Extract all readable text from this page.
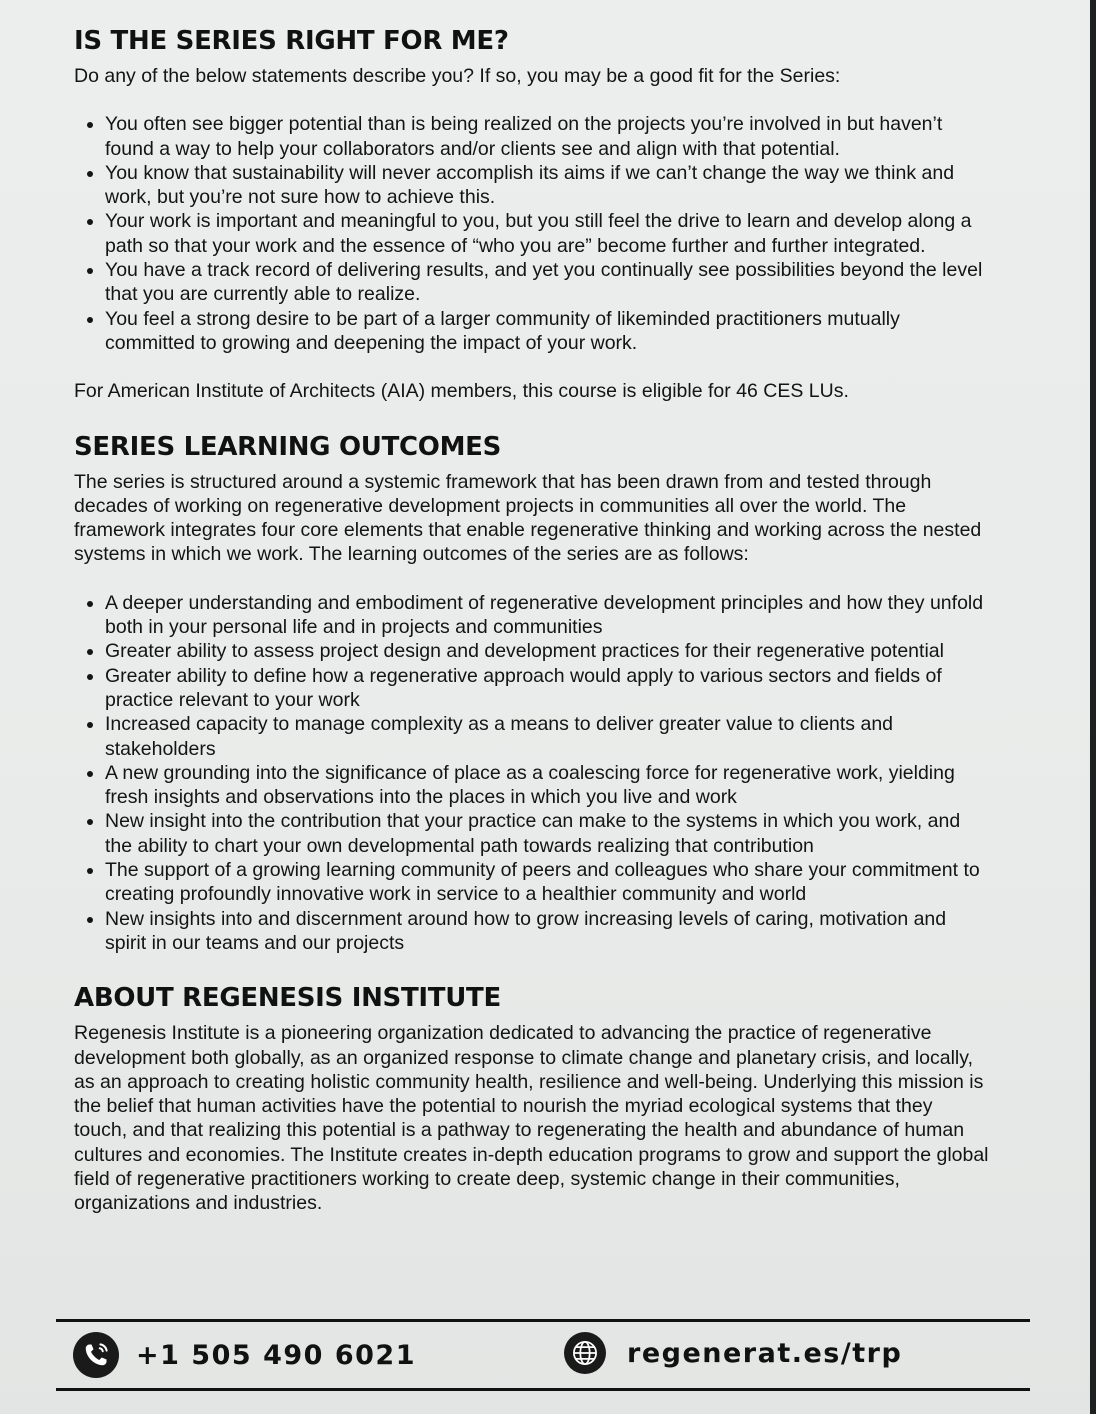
IS THE SERIES RIGHT FOR ME?

Do any of the below statements describe you? If so, you may be a good fit for the Series:

• You often see bigger potential than is being realized on the projects you’re involved in but haven’t found a way to help your collaborators and/or clients see and align with that potential.
• You know that sustainability will never accomplish its aims if we can’t change the way we think and work, but you’re not sure how to achieve this.
• Your work is important and meaningful to you, but you still feel the drive to learn and develop along a path so that your work and the essence of “who you are” become further and further integrated.
• You have a track record of delivering results, and yet you continually see possibilities beyond the level that you are currently able to realize.
• You feel a strong desire to be part of a larger community of likeminded practitioners mutually committed to growing and deepening the impact of your work.

For American Institute of Architects (AIA) members, this course is eligible for 46 CES LUs.

SERIES LEARNING OUTCOMES

The series is structured around a systemic framework that has been drawn from and tested through decades of working on regenerative development projects in communities all over the world. The framework integrates four core elements that enable regenerative thinking and working across the nested systems in which we work. The learning outcomes of the series are as follows:

• A deeper understanding and embodiment of regenerative development principles and how they unfold both in your personal life and in projects and communities
• Greater ability to assess project design and development practices for their regenerative potential
• Greater ability to define how a regenerative approach would apply to various sectors and fields of practice relevant to your work
• Increased capacity to manage complexity as a means to deliver greater value to clients and stakeholders
• A new grounding into the significance of place as a coalescing force for regenerative work, yielding fresh insights and observations into the places in which you live and work
• New insight into the contribution that your practice can make to the systems in which you work, and the ability to chart your own developmental path towards realizing that contribution
• The support of a growing learning community of peers and colleagues who share your commitment to creating profoundly innovative work in service to a healthier community and world
• New insights into and discernment around how to grow increasing levels of caring, motivation and spirit in our teams and our projects
ABOUT REGENESIS INSTITUTE

Regenesis Institute is a pioneering organization dedicated to advancing the practice of regenerative development both globally, as an organized response to climate change and planetary crisis, and locally, as an approach to creating holistic community health, resilience and well-being. Underlying this mission is the belief that human activities have the potential to nourish the myriad ecological systems that they touch, and that realizing this potential is a pathway to regenerating the health and abundance of human cultures and economies. The Institute creates in-depth education programs to grow and support the global field of regenerative practitioners working to create deep, systemic change in their communities, organizations and industries.

+1 505 490 6021	regenerat.es/trp
